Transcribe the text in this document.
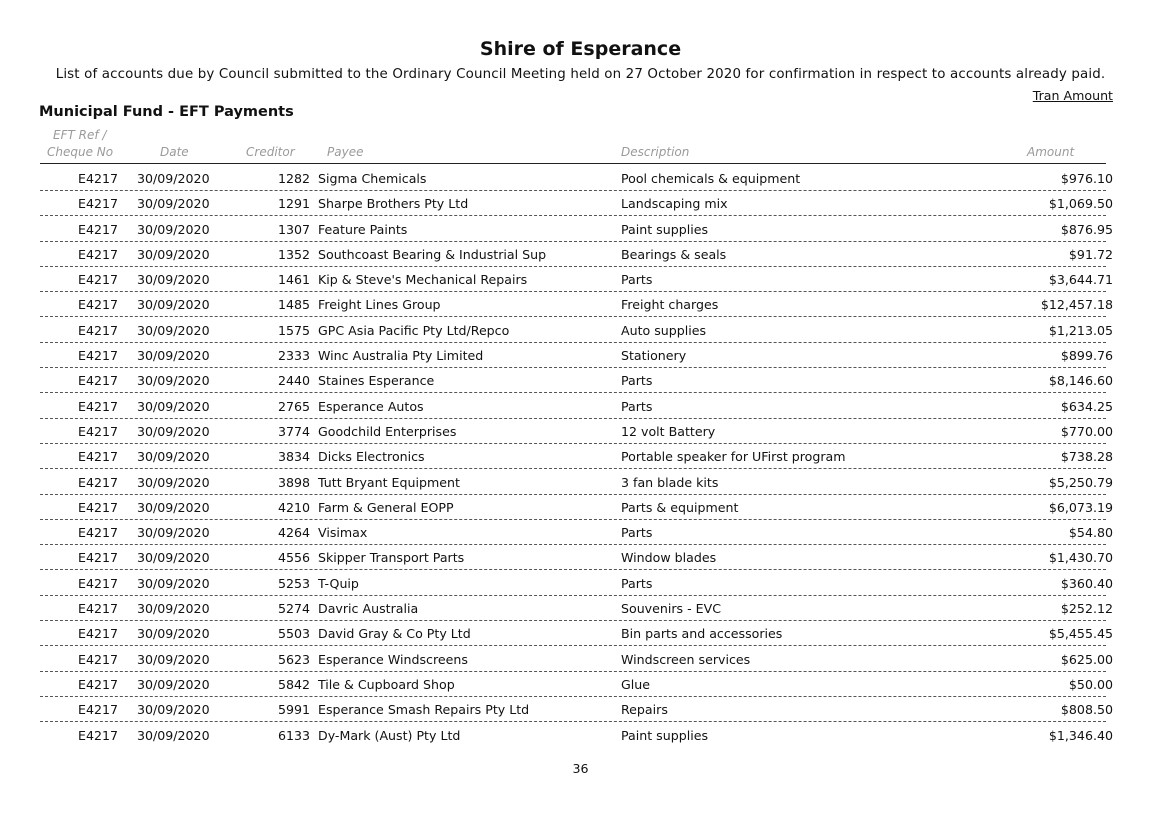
Shire of Esperance
List of accounts due by Council submitted to the Ordinary Council Meeting held on 27 October 2020 for confirmation in respect to accounts already paid.
Tran Amount
Municipal Fund - EFT Payments
EFT Ref /
Cheque No	Date	Creditor	Payee	Description	Amount
E4217 30/09/2020	1282 Sigma Chemicals	Pool chemicals & equipment	$976.10
E4217 30/09/2020	1291 Sharpe Brothers Pty Ltd	Landscaping mix	$1,069.50
E4217 30/09/2020	1307 Feature Paints	Paint supplies	$876.95
E4217 30/09/2020	1352 Southcoast Bearing & Industrial Sup	Bearings & seals	$91.72
E4217 30/09/2020	1461 Kip & Steve's Mechanical Repairs	Parts	$3,644.71
E4217 30/09/2020	1485 Freight Lines Group	Freight charges	$12,457.18
E4217 30/09/2020	1575 GPC Asia Pacific Pty Ltd/Repco	Auto supplies	$1,213.05
E4217 30/09/2020	2333 Winc Australia Pty Limited	Stationery	$899.76
E4217 30/09/2020	2440 Staines Esperance	Parts	$8,146.60
E4217 30/09/2020	2765 Esperance Autos	Parts	$634.25
E4217 30/09/2020	3774 Goodchild Enterprises	12 volt Battery	$770.00
E4217 30/09/2020	3834 Dicks Electronics	Portable speaker for UFirst program	$738.28
E4217 30/09/2020	3898 Tutt Bryant Equipment	3 fan blade kits	$5,250.79
E4217 30/09/2020	4210 Farm & General EOPP	Parts & equipment	$6,073.19
E4217 30/09/2020	4264 Visimax	Parts	$54.80
E4217 30/09/2020	4556 Skipper Transport Parts	Window blades	$1,430.70
E4217 30/09/2020	5253 T-Quip	Parts	$360.40
E4217 30/09/2020	5274 Davric Australia	Souvenirs - EVC	$252.12
E4217 30/09/2020	5503 David Gray & Co Pty Ltd	Bin parts and accessories	$5,455.45
E4217 30/09/2020	5623 Esperance Windscreens	Windscreen services	$625.00
E4217 30/09/2020	5842 Tile & Cupboard Shop	Glue	$50.00
E4217 30/09/2020	5991 Esperance Smash Repairs Pty Ltd	Repairs	$808.50
E4217 30/09/2020	6133 Dy-Mark (Aust) Pty Ltd	Paint supplies	$1,346.40
36
